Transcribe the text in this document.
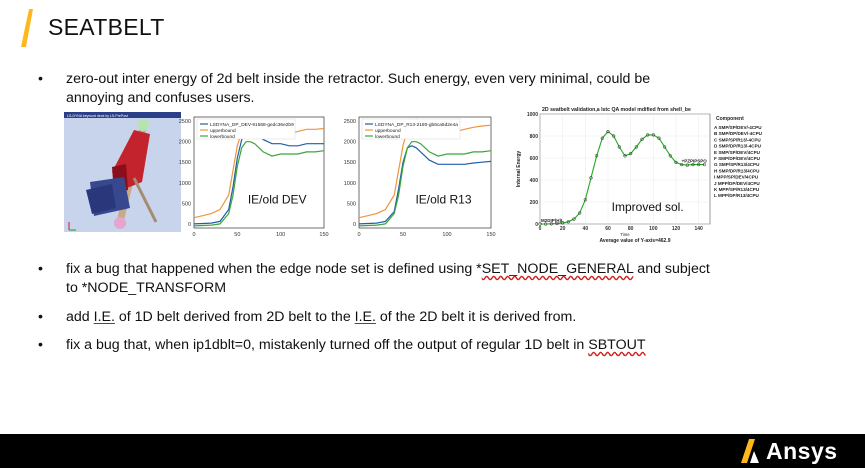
SEATBELT
• zero-out inter energy of 2d belt inside the retractor. Such energy, even very minimal, could be
annoying and confuses users.
LS-DYNA keyword deck by LS-PrePost
0
500
1000
1500
2000
2500
0	50	100	150
LSDYNA_DP_DEV-91568-gedc36e2b9
upperbound
lowerbound
IE/old DEV
0
500
1000
1500
2000
2500
0	50	100	150
LSDYNA_DP_R13-2180-gb6ca5d2e4a
upperbound
lowerbound
IE/old R13
2D seatbelt validation,a lstc QA model mdified from shell_be
0
200
400
600
800
1000
0	20	40	60	80	100	120	140
Internal Energy
Time
Average value of Y-axis=462.9
+PZPIPSPO
M2DIP(H)L
Improved sol.
Component
A SMP/SP/DEV/-4CPU
B SMP/DP/DEV/-4CPU
C SMP/SP/R13/-4CPU
D SMP/DP/R13/-4CPU
E SMP/SP/DEV/4CPU
F SMP/DP/DEV/4CPU
G SMP/SP/R13/4CPU
H SMP/DP/R13/4CPU
I MPP/SP/DEV/4CPU
J MPP/DP/DEV/4CPU
K MPP/SP/R13/4CPU
L MPP/DP/R13/4CPU
• fix a bug that happened when the edge node set is defined using *SET_NODE_GENERAL and subject
to *NODE_TRANSFORM
• add I.E. of 1D belt derived from 2D belt to the I.E. of the 2D belt it is derived from.
• fix a bug that, when ip1dblt=0, mistakenly turned off the output of regular 1D belt in SBTOUT
Ansys
